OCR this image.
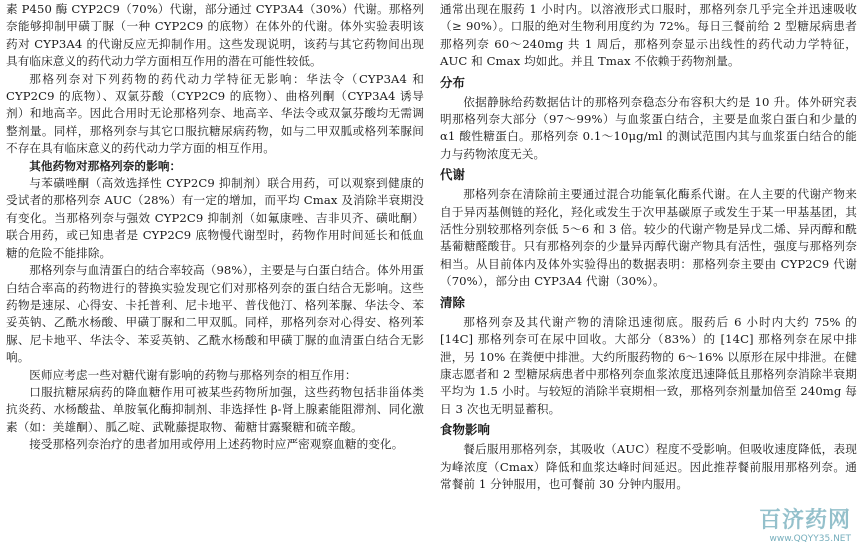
素 P450 酶 CYP2C9（70%）代谢，部分通过 CYP3A4（30%）代谢。那格列奈能够抑制甲磺丁脲（一种 CYP2C9 的底物）在体外的代谢。体外实验表明该药对 CYP3A4 的代谢反应无抑制作用。这些发现说明，该药与其它药物间出现具有临床意义的药代动力学方面相互作用的潜在可能性较低。

那格列奈对下列药物的药代动力学特征无影响：华法令（CYP3A4 和 CYP2C9 的底物）、双氯芬酸（CYP2C9 的底物）、曲格列酮（CYP3A4 诱导剂）和地高辛。因此合用时无论那格列奈、地高辛、华法令或双氯芬酸均无需调整剂量。同样，那格列奈与其它口服抗糖尿病药物，如与二甲双胍或格列苯脲间不存在具有临床意义的药代动力学方面的相互作用。

其他药物对那格列奈的影响：

与苯磺唑酮（高效选择性 CYP2C9 抑制剂）联合用药，可以观察到健康的受试者的那格列奈 AUC（28%）有一定的增加，而平均 Cmax 及消除半衰期没有变化。当那格列奈与强效 CYP2C9 抑制剂（如氟康唑、吉非贝齐、磺吡酮）联合用药，或已知患者是 CYP2C9 底物慢代谢型时，药物作用时间延长和低血糖的危险不能排除。

那格列奈与血清蛋白的结合率较高（98%），主要是与白蛋白结合。体外用蛋白结合率高的药物进行的替换实验发现它们对那格列奈的蛋白结合无影响。这些药物是速尿、心得安、卡托普利、尼卡地平、普伐他汀、格列苯脲、华法令、苯妥英钠、乙酰水杨酸、甲磺丁脲和二甲双胍。同样，那格列奈对心得安、格列苯脲、尼卡地平、华法令、苯妥英钠、乙酰水杨酸和甲磺丁脲的血清蛋白结合无影响。

医师应考虑一些对糖代谢有影响的药物与那格列奈的相互作用：

口服抗糖尿病药的降血糖作用可被某些药物所加强，这些药物包括非甾体类抗炎药、水杨酸盐、单胺氧化酶抑制剂、非选择性 β-肾上腺素能阻滞剂、同化激素（如：美雄酮）、胍乙啶、武靴藤提取物、葡糖甘露聚糖和硫辛酸。

接受那格列奈治疗的患者加用或停用上述药物时应严密观察血糖的变化。

通常出现在服药 1 小时内。以溶液形式口服时，那格列奈几乎完全并迅速吸收（≥ 90%）。口服的绝对生物利用度约为 72%。每日三餐前给 2 型糖尿病患者那格列奈 60～240mg 共 1 周后，那格列奈显示出线性的药代动力学特征，AUC 和 Cmax 均如此。并且 Tmax 不依赖于药物剂量。

分布

依据静脉给药数据估计的那格列奈稳态分布容积大约是 10 升。体外研究表明那格列奈大部分（97～99%）与血浆蛋白结合，主要是血浆白蛋白和少量的 α1 酸性糖蛋白。那格列奈 0.1～10μg/ml 的测试范围内其与血浆蛋白结合的能力与药物浓度无关。

代谢

那格列奈在清除前主要通过混合功能氧化酶系代谢。在人主要的代谢产物来自于异丙基侧链的羟化，羟化或发生于次甲基碳原子或发生于某一甲基基团，其活性分别较那格列奈低 5～6 和 3 倍。较少的代谢产物是异戊二烯、异丙醇和酰基葡糖醛酸苷。只有那格列奈的少量异丙醇代谢产物具有活性，强度与那格列奈相当。从目前体内及体外实验得出的数据表明：那格列奈主要由 CYP2C9 代谢（70%），部分由 CYP3A4 代谢（30%）。

清除

那格列奈及其代谢产物的清除迅速彻底。服药后 6 小时内大约 75% 的 [14C] 那格列奈可在尿中回收。大部分（83%）的 [14C] 那格列奈在尿中排泄，另 10% 在粪便中排泄。大约所服药物的 6～16% 以原形在尿中排泄。在健康志愿者和 2 型糖尿病患者中那格列奈血浆浓度迅速降低且那格列奈消除半衰期平均为 1.5 小时。与较短的消除半衰期相一致，那格列奈剂量加倍至 240mg 每日 3 次也无明显蓄积。

食物影响

餐后服用那格列奈，其吸收（AUC）程度不受影响。但吸收速度降低，表现为峰浓度（Cmax）降低和血浆达峰时间延迟。因此推荐餐前服用那格列奈。通常餐前 1 分钟服用，也可餐前 30 分钟内服用。

百济药网
www.QQYY35.NET
